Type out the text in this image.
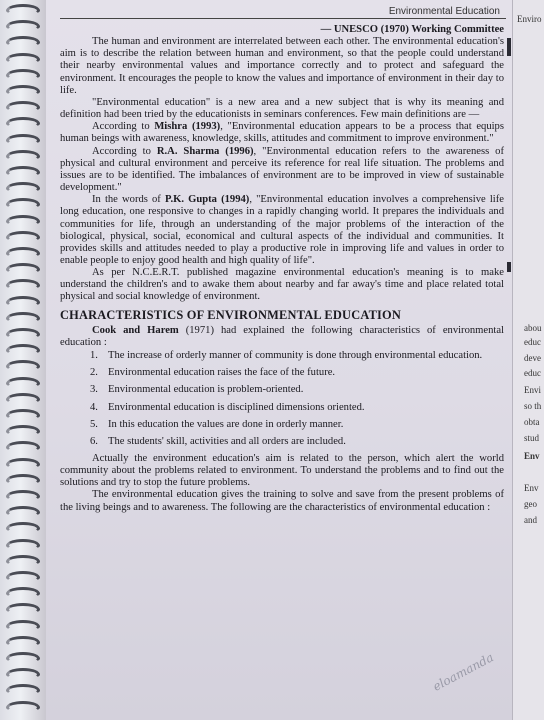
Environmental Education

— UNESCO (1970) Working Committee

The human and environment are interrelated between each other. The environmental education's aim is to describe the relation between human and environment, so that the people could understand their nearby environmental values and importance correctly and to protect and safeguard the environment. It encourages the people to know the values and importance of environment in their day to life.

"Environmental education" is a new area and a new subject that is why its meaning and definition had been tried by the educationists in seminars conferences. Few main definitions are —

According to Mishra (1993), "Environmental education appears to be a process that equips human beings with awareness, knowledge, skills, attitudes and commitment to improve environment."

According to R.A. Sharma (1996), "Environmental education refers to the awareness of physical and cultural environment and perceive its reference for real life situation. The problems and issues are to be identified. The imbalances of environment are to be improved in view of sustainable development."

In the words of P.K. Gupta (1994), "Environmental education involves a comprehensive life long education, one responsive to changes in a rapidly changing world. It prepares the individuals and communities for life, through an understanding of the major problems of the interaction of the biological, physical, social, economical and cultural aspects of the individual and communities. It provides skills and attitudes needed to play a productive role in improving life and values in order to enable people to enjoy good health and high quality of life".

As per N.C.E.R.T. published magazine environmental education's meaning is to make understand the children's and to awake them about nearby and far away's time and place related total physical and social knowledge of environment.

CHARACTERISTICS OF ENVIRONMENTAL EDUCATION

Cook and Harem (1971) had explained the following characteristics of environmental education :

1. The increase of orderly manner of community is done through environmental education.
2. Environmental education raises the face of the future.
3. Environmental education is problem-oriented.
4. Environmental education is disciplined dimensions oriented.
5. In this education the values are done in orderly manner.
6. The students' skill, activities and all orders are included.

Actually the environment education's aim is related to the person, which alert the world community about the problems related to environment. To understand the problems and to find out the solutions and try to stop the future problems.

The environmental education gives the training to solve and save from the present problems of the living beings and to awareness. The following are the characteristics of environmental education :

eloamanda
Enviro
abou
educ
deve
educ
Envi
so th
obta
stud
Env
Env
geo
and
